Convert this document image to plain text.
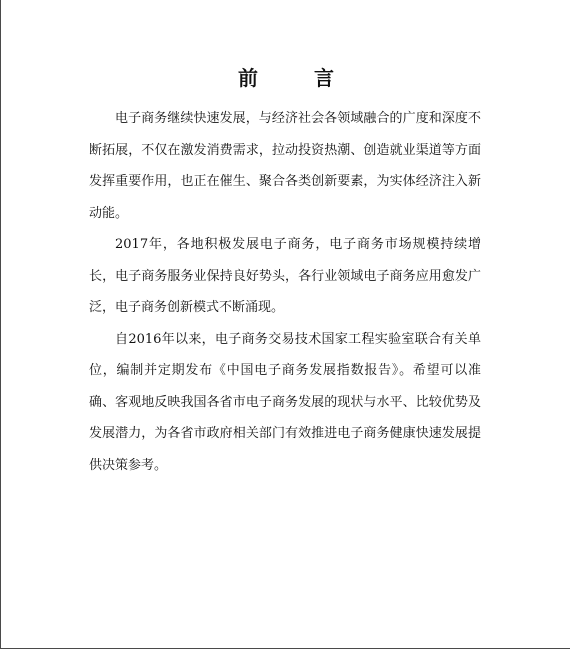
前　言

电子商务继续快速发展，与经济社会各领域融合的广度和深度不断拓展，不仅在激发消费需求，拉动投资热潮、创造就业渠道等方面发挥重要作用，也正在催生、聚合各类创新要素，为实体经济注入新动能。

2017年，各地积极发展电子商务，电子商务市场规模持续增长，电子商务服务业保持良好势头，各行业领域电子商务应用愈发广泛，电子商务创新模式不断涌现。

自2016年以来，电子商务交易技术国家工程实验室联合有关单位，编制并定期发布《中国电子商务发展指数报告》。希望可以准确、客观地反映我国各省市电子商务发展的现状与水平、比较优势及发展潜力，为各省市政府相关部门有效推进电子商务健康快速发展提供决策参考。
